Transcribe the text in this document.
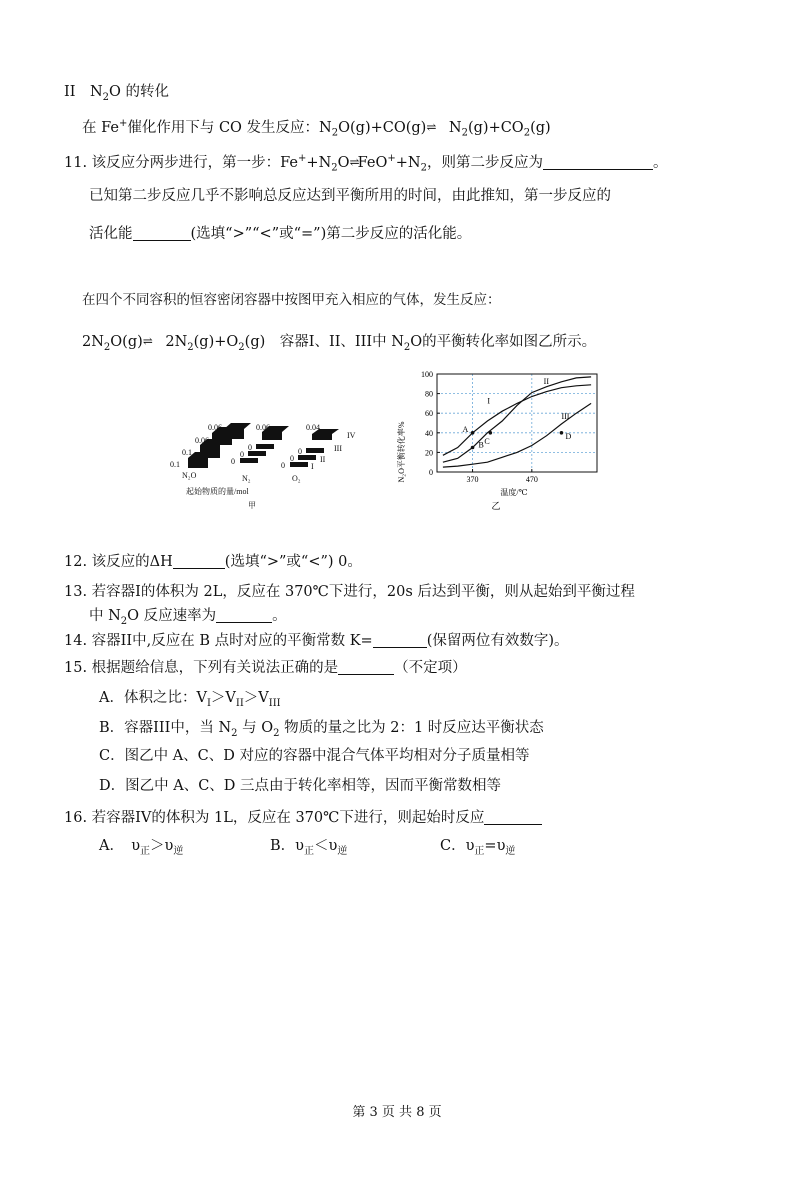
II　$N_2O$ 的转化
在 Fe+催化作用下与 CO 发生反应：$N_2O(g)+CO(g)\rightleftharpoons$　$N_2(g)+CO_2(g)$
11. 该反应分两步进行，第一步：$Fe^++N_2O\rightleftharpoons FeO^++N_2$，则第二步反应为	。
已知第二步反应几乎不影响总反应达到平衡所用的时间，由此推知，第一步反应的
活化能	(选填“>”“<”或“=”)第二步反应的活化能。
在四个不同容积的恒容密闭容器中按图甲充入相应的气体，发生反应：
$2N_2O(g)\rightleftharpoons$　$2N_2(g)+O_2(g)$　容器I、II、III中 $N_2O$的平衡转化率如图乙所示。
0.1
0.1
0.06
0.06	0.06	0.04
0
0
0
0
0
0
I
II
III
IV
N₂O	N₂	O₂
起始物质的量/mol
甲
0
20
40
60
80
100
370	470
I
II
III
A
B C
D
N₂O平衡转化率%
温度/℃
乙
12. 该反应的ΔH	(选填“>”或“<”) 0。
13. 若容器I的体积为 2L，反应在 370℃下进行，20s 后达到平衡，则从起始到平衡过程
中 $N_2O$ 反应速率为	。
14. 容器II中,反应在 B 点时对应的平衡常数 K=	(保留两位有效数字)。
15. 根据题给信息，下列有关说法正确的是	（不定项）
A．体积之比：$V_I>V_{II}>V_{III}$
B．容器III中，当 $N_2$ 与 $O_2$ 物质的量之比为 2：1 时反应达平衡状态
C．图乙中 A、C、D 对应的容器中混合气体平均相对分子质量相等
D．图乙中 A、C、D 三点由于转化率相等，因而平衡常数相等
16. 若容器IV的体积为 1L，反应在 370℃下进行，则起始时反应
A．　$\upsilon_正>\upsilon_逆$	B．$\upsilon_正<\upsilon_逆$	C．$\upsilon_正=\upsilon_逆$
第 3 页 共 8 页
